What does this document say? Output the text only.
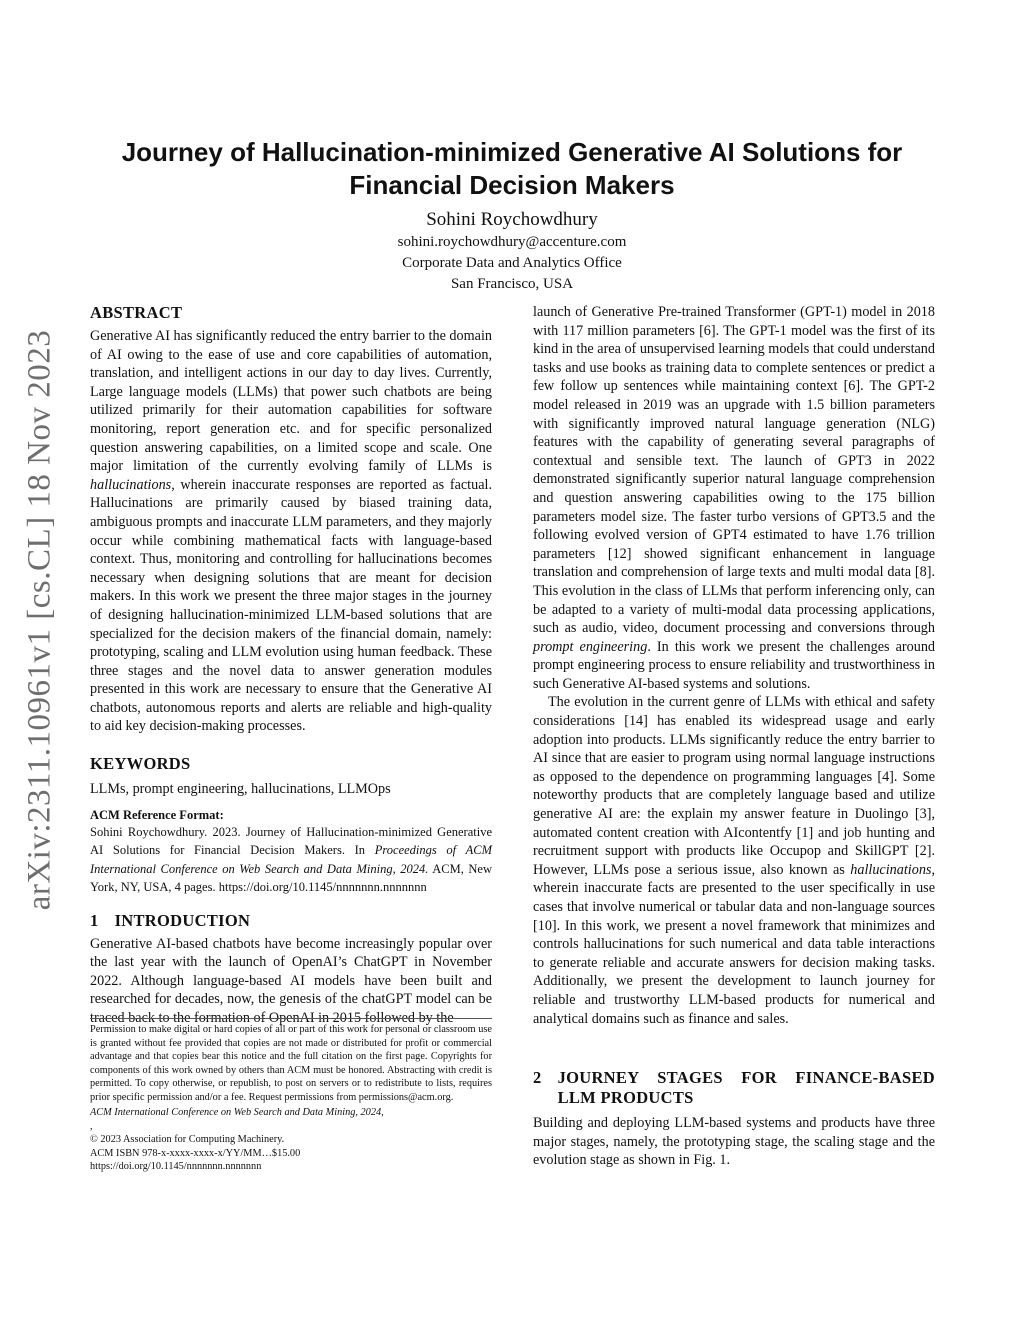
arXiv:2311.10961v1 [cs.CL] 18 Nov 2023
Journey of Hallucination-minimized Generative AI Solutions for Financial Decision Makers
Sohini Roychowdhury
sohini.roychowdhury@accenture.com
Corporate Data and Analytics Office
San Francisco, USA
ABSTRACT

Generative AI has significantly reduced the entry barrier to the domain of AI owing to the ease of use and core capabilities of automation, translation, and intelligent actions in our day to day lives. Currently, Large language models (LLMs) that power such chatbots are being utilized primarily for their automation capabilities for software monitoring, report generation etc. and for specific personalized question answering capabilities, on a limited scope and scale. One major limitation of the currently evolving family of LLMs is hallucinations, wherein inaccurate responses are reported as factual. Hallucinations are primarily caused by biased training data, ambiguous prompts and inaccurate LLM parameters, and they majorly occur while combining mathematical facts with language-based context. Thus, monitoring and controlling for hallucinations becomes necessary when designing solutions that are meant for decision makers. In this work we present the three major stages in the journey of designing hallucination-minimized LLM-based solutions that are specialized for the decision makers of the financial domain, namely: prototyping, scaling and LLM evolution using human feedback. These three stages and the novel data to answer generation modules presented in this work are necessary to ensure that the Generative AI chatbots, autonomous reports and alerts are reliable and high-quality to aid key decision-making processes.

KEYWORDS

LLMs, prompt engineering, hallucinations, LLMOps

ACM Reference Format:

Sohini Roychowdhury. 2023. Journey of Hallucination-minimized Generative AI Solutions for Financial Decision Makers. In Proceedings of ACM International Conference on Web Search and Data Mining, 2024. ACM, New York, NY, USA, 4 pages. https://doi.org/10.1145/nnnnnnn.nnnnnnn

1 INTRODUCTION

Generative AI-based chatbots have become increasingly popular over the last year with the launch of OpenAI’s ChatGPT in November 2022. Although language-based AI models have been built and researched for decades, now, the genesis of the chatGPT model can be traced back to the formation of OpenAI in 2015 followed by the

Permission to make digital or hard copies of all or part of this work for personal or classroom use is granted without fee provided that copies are not made or distributed for profit or commercial advantage and that copies bear this notice and the full citation on the first page. Copyrights for components of this work owned by others than ACM must be honored. Abstracting with credit is permitted. To copy otherwise, or republish, to post on servers or to redistribute to lists, requires prior specific permission and/or a fee. Request permissions from permissions@acm.org.
ACM International Conference on Web Search and Data Mining, 2024,
,
© 2023 Association for Computing Machinery.
ACM ISBN 978-x-xxxx-xxxx-x/YY/MM…$15.00
https://doi.org/10.1145/nnnnnnn.nnnnnnn

launch of Generative Pre-trained Transformer (GPT-1) model in 2018 with 117 million parameters [6]. The GPT-1 model was the first of its kind in the area of unsupervised learning models that could understand tasks and use books as training data to complete sentences or predict a few follow up sentences while maintaining context [6]. The GPT-2 model released in 2019 was an upgrade with 1.5 billion parameters with significantly improved natural language generation (NLG) features with the capability of generating several paragraphs of contextual and sensible text. The launch of GPT3 in 2022 demonstrated significantly superior natural language comprehension and question answering capabilities owing to the 175 billion parameters model size. The faster turbo versions of GPT3.5 and the following evolved version of GPT4 estimated to have 1.76 trillion parameters [12] showed significant enhancement in language translation and comprehension of large texts and multi modal data [8]. This evolution in the class of LLMs that perform inferencing only, can be adapted to a variety of multi-modal data processing applications, such as audio, video, document processing and conversions through prompt engineering. In this work we present the challenges around prompt engineering process to ensure reliability and trustworthiness in such Generative AI-based systems and solutions.

The evolution in the current genre of LLMs with ethical and safety considerations [14] has enabled its widespread usage and early adoption into products. LLMs significantly reduce the entry barrier to AI since that are easier to program using normal language instructions as opposed to the dependence on programming languages [4]. Some noteworthy products that are completely language based and utilize generative AI are: the explain my answer feature in Duolingo [3], automated content creation with AIcontentfy [1] and job hunting and recruitment support with products like Occupop and SkillGPT [2]. However, LLMs pose a serious issue, also known as hallucinations, wherein inaccurate facts are presented to the user specifically in use cases that involve numerical or tabular data and non-language sources [10]. In this work, we present a novel framework that minimizes and controls hallucinations for such numerical and data table interactions to generate reliable and accurate answers for decision making tasks. Additionally, we present the development to launch journey for reliable and trustworthy LLM-based products for numerical and analytical domains such as finance and sales.

2 JOURNEY STAGES FOR FINANCE-BASED LLM PRODUCTS

Building and deploying LLM-based systems and products have three major stages, namely, the prototyping stage, the scaling stage and the evolution stage as shown in Fig. 1.
